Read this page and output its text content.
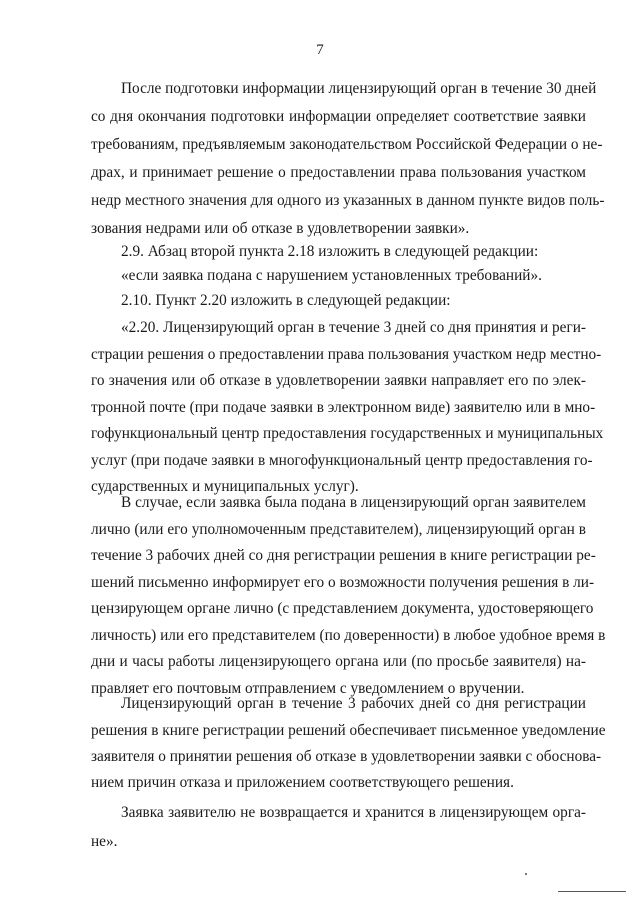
7
После подготовки информации лицензирующий орган в течение 30 дней
со дня окончания подготовки информации определяет соответствие заявки
требованиям, предъявляемым законодательством Российской Федерации о не-
драх, и принимает решение о предоставлении права пользования участком
недр местного значения для одного из указанных в данном пункте видов поль-
зования недрами или об отказе в удовлетворении заявки».
2.9. Абзац второй пункта 2.18 изложить в следующей редакции:
«если заявка подана с нарушением установленных требований».
2.10. Пункт 2.20 изложить в следующей редакции:
«2.20. Лицензирующий орган в течение 3 дней со дня принятия и реги-
страции решения о предоставлении права пользования участком недр местно-
го значения или об отказе в удовлетворении заявки направляет его по элек-
тронной почте (при подаче заявки в электронном виде) заявителю или в мно-
гофункциональный центр предоставления государственных и муниципальных
услуг (при подаче заявки в многофункциональный центр предоставления го-
сударственных и муниципальных услуг).
В случае, если заявка была подана в лицензирующий орган заявителем
лично (или его уполномоченным представителем), лицензирующий орган в
течение 3 рабочих дней со дня регистрации решения в книге регистрации ре-
шений письменно информирует его о возможности получения решения в ли-
цензирующем органе лично (с представлением документа, удостоверяющего
личность) или его представителем (по доверенности) в любое удобное время в
дни и часы работы лицензирующего органа или (по просьбе заявителя) на-
правляет его почтовым отправлением с уведомлением о вручении.
Лицензирующий орган в течение 3 рабочих дней со дня регистрации
решения в книге регистрации решений обеспечивает письменное уведомление
заявителя о принятии решения об отказе в удовлетворении заявки с обоснова-
нием причин отказа и приложением соответствующего решения.
Заявка заявителю не возвращается и хранится в лицензирующем орга-
не».
